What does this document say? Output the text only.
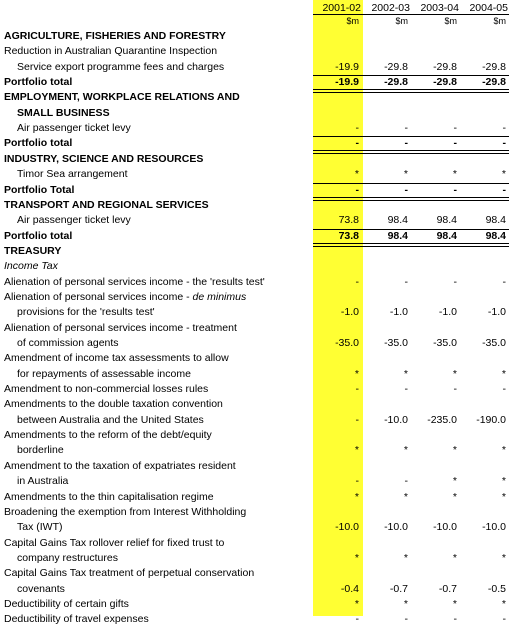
2001-02 2002-03 2003-04 2004-05
$m	$m	$m	$m
AGRICULTURE, FISHERIES AND FORESTRY
Reduction in Australian Quarantine Inspection
Service export programme fees and charges	-19.9	-29.8	-29.8	-29.8
Portfolio total	-19.9	-29.8	-29.8	-29.8
EMPLOYMENT, WORKPLACE RELATIONS AND
SMALL BUSINESS
Air passenger ticket levy	-	-	-	-
Portfolio total	-	-	-	-
INDUSTRY, SCIENCE AND RESOURCES
Timor Sea arrangement	*	*	*	*
Portfolio Total	-	-	-	-
TRANSPORT AND REGIONAL SERVICES
Air passenger ticket levy	73.8	98.4	98.4	98.4
Portfolio total	73.8	98.4	98.4	98.4
TREASURY
Income Tax
Alienation of personal services income - the 'results test'	-	-	-	-
Alienation of personal services income - de minimus
provisions for the 'results test'	-1.0	-1.0	-1.0	-1.0
Alienation of personal services income - treatment
of commission agents	-35.0	-35.0	-35.0	-35.0
Amendment of income tax assessments to allow
for repayments of assessable income	*	*	*	*
Amendment to non-commercial losses rules	-	-	-	-
Amendments to the double taxation convention
between Australia and the United States	-	-10.0	-235.0	-190.0
Amendments to the reform of the debt/equity
borderline	*	*	*	*
Amendment to the taxation of expatriates resident
in Australia	-	-	*	*
Amendments to the thin capitalisation regime	*	*	*	*
Broadening the exemption from Interest Withholding
Tax (IWT)	-10.0	-10.0	-10.0	-10.0
Capital Gains Tax rollover relief for fixed trust to
company restructures	*	*	*	*
Capital Gains Tax treatment of perpetual conservation
covenants	-0.4	-0.7	-0.7	-0.5
Deductibility of certain gifts	*	*	*	*
Deductibility of travel expenses	-	-	-	-
